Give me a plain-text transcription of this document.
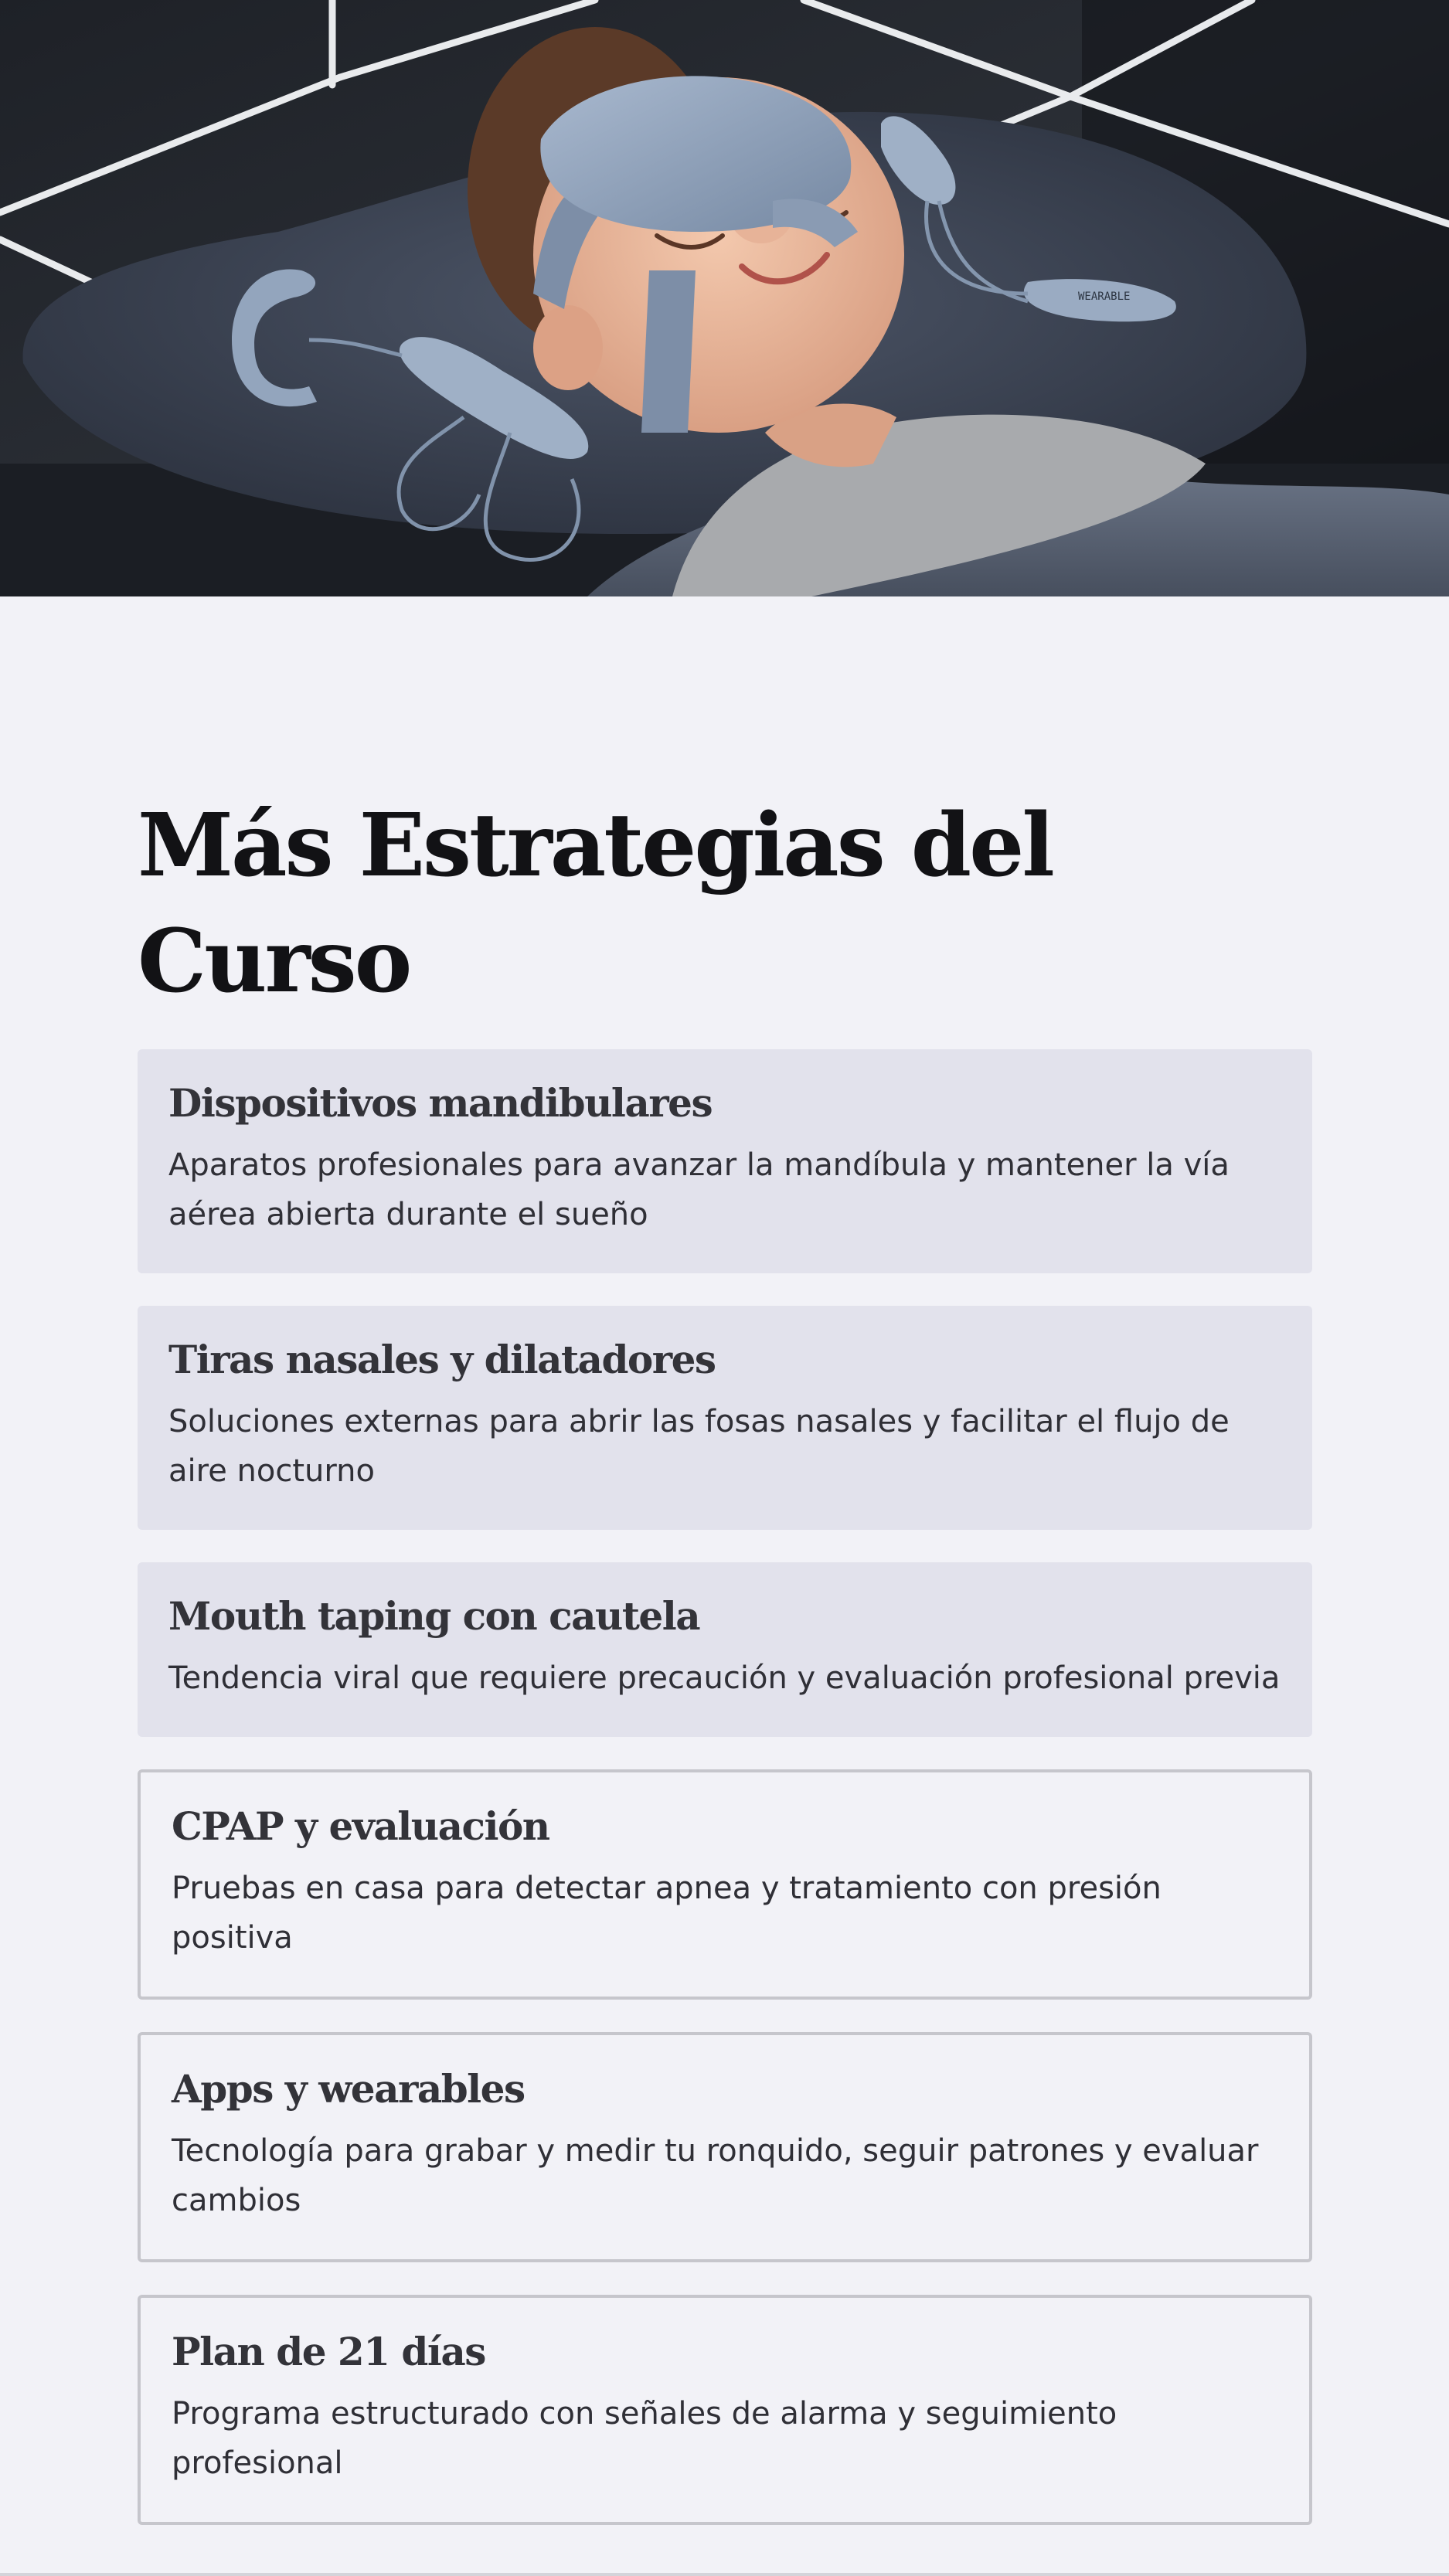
WEARABLE
Más Estrategias del Curso
Dispositivos mandibulares

Aparatos profesionales para avanzar la mandíbula y mantener la vía aérea abierta durante el sueño

Tiras nasales y dilatadores

Soluciones externas para abrir las fosas nasales y facilitar el flujo de aire nocturno

Mouth taping con cautela

Tendencia viral que requiere precaución y evaluación profesional previa

CPAP y evaluación

Pruebas en casa para detectar apnea y tratamiento con presión positiva

Apps y wearables

Tecnología para grabar y medir tu ronquido, seguir patrones y evaluar cambios

Plan de 21 días

Programa estructurado con señales de alarma y seguimiento profesional
